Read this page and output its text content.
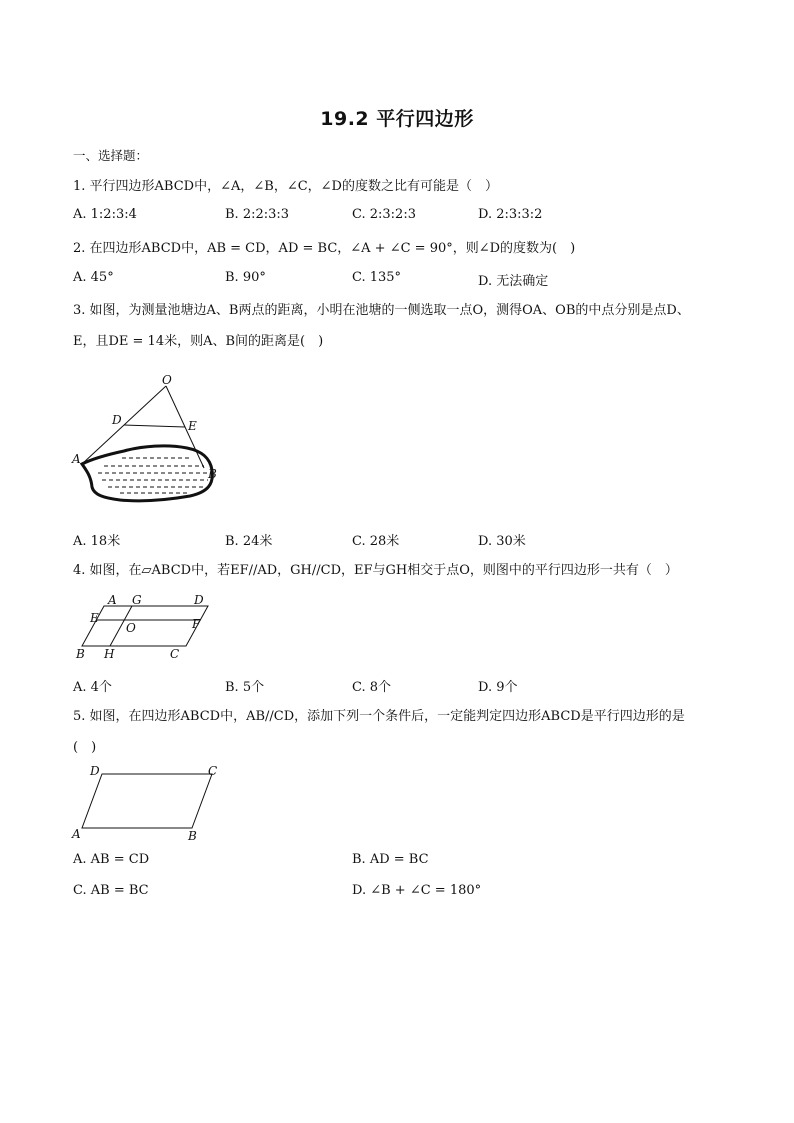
19.2 平行四边形
一、选择题：
1. 平行四边形ABCD中，∠A，∠B，∠C，∠D的度数之比有可能是（　）
A. 1:2:3:4	B. 2:2:3:3	C. 2:3:2:3	D. 2:3:3:2
2. 在四边形ABCD中，AB = CD，AD = BC，∠A + ∠C = 90°，则∠D的度数为(　)
A. 45°	B. 90°	C. 135°	D. 无法确定
3. 如图，为测量池塘边A、B两点的距离，小明在池塘的一侧选取一点O，测得OA、OB的中点分别是点D、
E，且DE = 14米，则A、B间的距离是(　)
O
D	E
A
B
A. 18米	B. 24米	C. 28米	D. 30米
4. 如图，在▱ABCD中，若EF//AD，GH//CD，EF与GH相交于点O，则图中的平行四边形一共有（　）
A G	D
E
O	F
B H	C
A. 4个	B. 5个	C. 8个	D. 9个
5. 如图，在四边形ABCD中，AB//CD，添加下列一个条件后，一定能判定四边形ABCD是平行四边形的是
(　)
D	C
A	B
A. AB = CD	B. AD = BC
C. AB = BC	D. ∠B + ∠C = 180°
